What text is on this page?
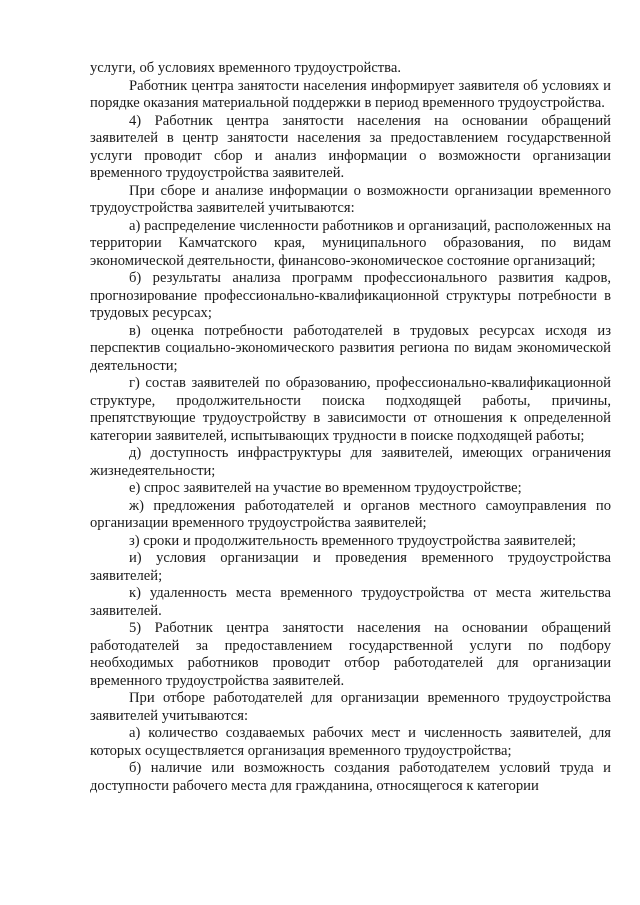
услуги, об условиях временного трудоустройства.

Работник центра занятости населения информирует заявителя об условиях и порядке оказания материальной поддержки в период временного трудоустройства.

4) Работник центра занятости населения на основании обращений заявителей в центр занятости населения за предоставлением государственной услуги проводит сбор и анализ информации о возможности организации временного трудоустройства заявителей.

При сборе и анализе информации о возможности организации временного трудоустройства заявителей учитываются:

а) распределение численности работников и организаций, расположенных на территории Камчатского края, муниципального образования, по видам экономической деятельности, финансово-экономическое состояние организаций;

б) результаты анализа программ профессионального развития кадров, прогнозирование профессионально-квалификационной структуры потребности в трудовых ресурсах;

в) оценка потребности работодателей в трудовых ресурсах исходя из перспектив социально-экономического развития региона по видам экономической деятельности;

г) состав заявителей по образованию, профессионально-квалификационной структуре, продолжительности поиска подходящей работы, причины, препятствующие трудоустройству в зависимости от отношения к определенной категории заявителей, испытывающих трудности в поиске подходящей работы;

д) доступность инфраструктуры для заявителей, имеющих ограничения жизнедеятельности;

е) спрос заявителей на участие во временном трудоустройстве;

ж) предложения работодателей и органов местного самоуправления по организации временного трудоустройства заявителей;

з) сроки и продолжительность временного трудоустройства заявителей;

и) условия организации и проведения временного трудоустройства заявителей;

к) удаленность места временного трудоустройства от места жительства заявителей.

5) Работник центра занятости населения на основании обращений работодателей за предоставлением государственной услуги по подбору необходимых работников проводит отбор работодателей для организации временного трудоустройства заявителей.

При отборе работодателей для организации временного трудоустройства заявителей учитываются:

а) количество создаваемых рабочих мест и численность заявителей, для которых осуществляется организация временного трудоустройства;

б) наличие или возможность создания работодателем условий труда и доступности рабочего места для гражданина, относящегося к категории
